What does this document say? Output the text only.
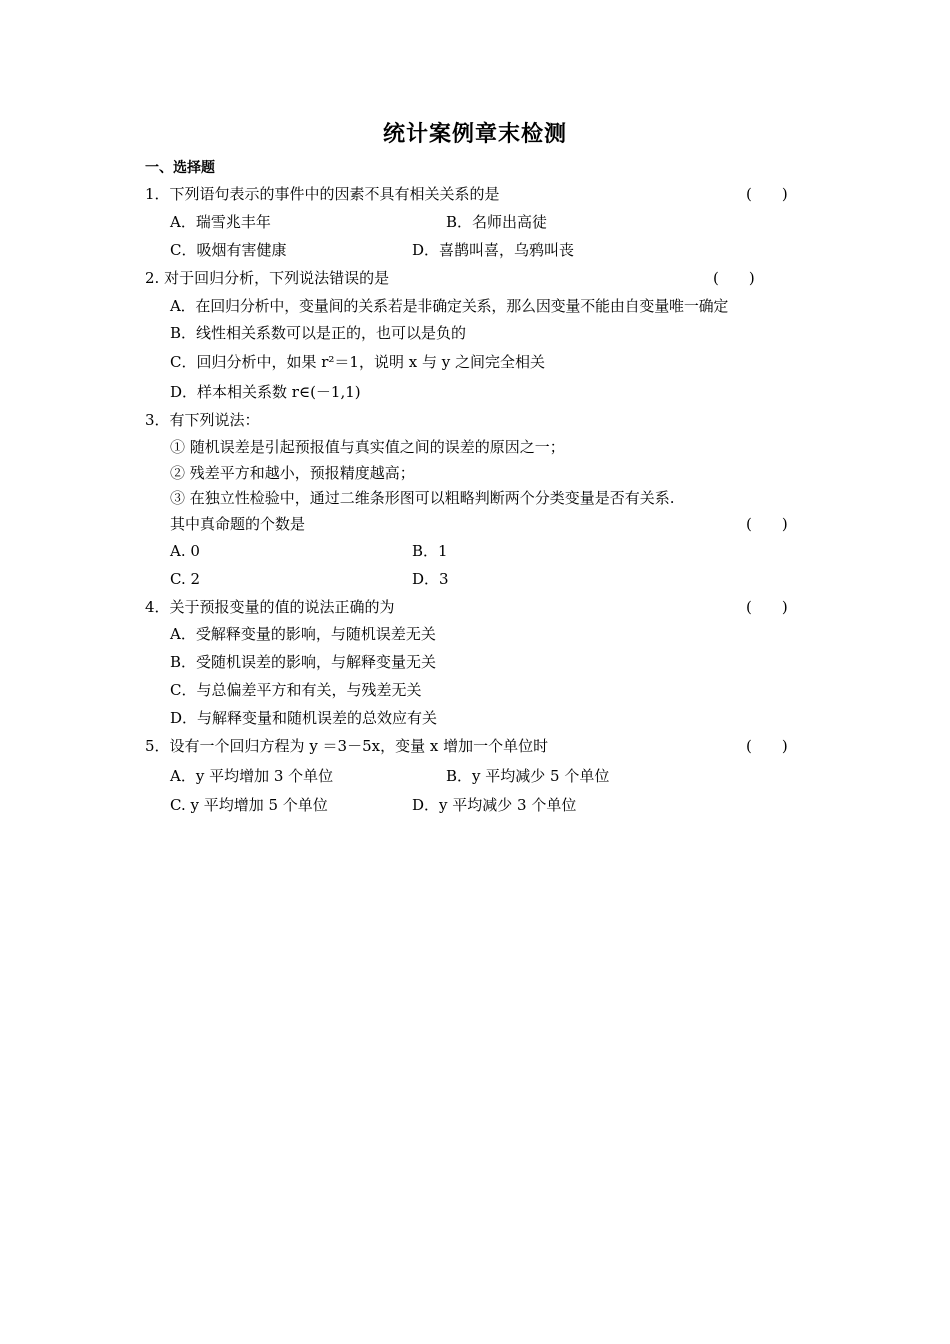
统计案例章末检测
一、选择题
1．下列语句表示的事件中的因素不具有相关关系的是	(　　)
A．瑞雪兆丰年	B．名师出高徒
C．吸烟有害健康	D．喜鹊叫喜，乌鸦叫丧
2. 对于回归分析，下列说法错误的是	(　　)
A．在回归分析中，变量间的关系若是非确定关系，那么因变量不能由自变量唯一确定
B．线性相关系数可以是正的，也可以是负的
C．回归分析中，如果 r²＝1，说明 x 与 y 之间完全相关
D．样本相关系数 r∈(－1,1)
3．有下列说法：
① 随机误差是引起预报值与真实值之间的误差的原因之一；
② 残差平方和越小，预报精度越高；
③ 在独立性检验中，通过二维条形图可以粗略判断两个分类变量是否有关系.
其中真命题的个数是	(　　)
A. 0	B．1
C. 2	D．3
4．关于预报变量的值的说法正确的为	(　　)
A．受解释变量的影响，与随机误差无关
B．受随机误差的影响，与解释变量无关
C．与总偏差平方和有关，与残差无关
D．与解释变量和随机误差的总效应有关
5．设有一个回归方程为 y ＝3－5x，变量 x 增加一个单位时	(　　)
A．y 平均增加 3 个单位	B．y 平均减少 5 个单位
C. y 平均增加 5 个单位	D．y 平均减少 3 个单位
